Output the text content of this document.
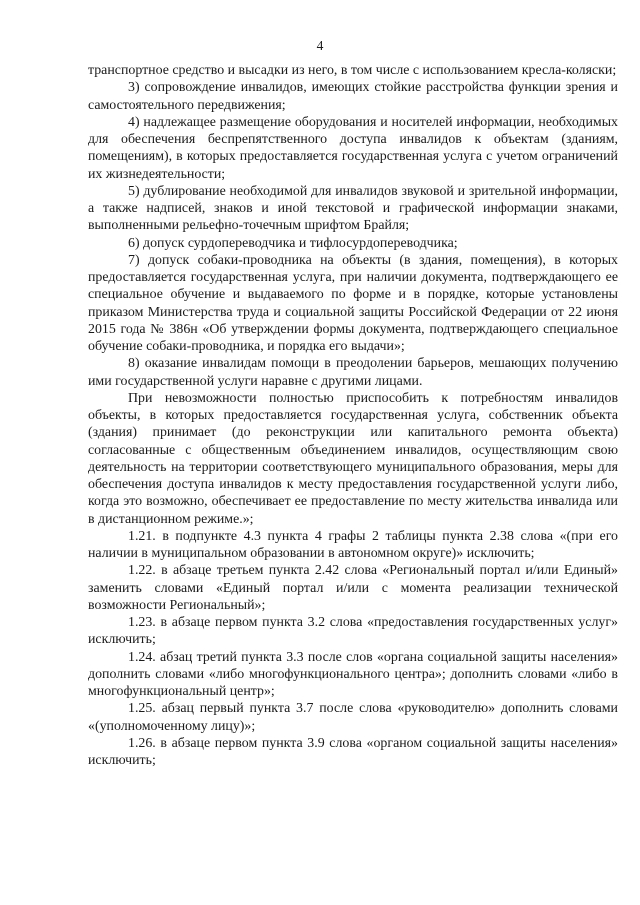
4

транспортное средство и высадки из него, в том числе с использованием кресла-коляски;

3) сопровождение инвалидов, имеющих стойкие расстройства функции зрения и самостоятельного передвижения;

4) надлежащее размещение оборудования и носителей информации, необходимых для обеспечения беспрепятственного доступа инвалидов к объектам (зданиям, помещениям), в которых предоставляется государственная услуга с учетом ограничений их жизнедеятельности;

5) дублирование необходимой для инвалидов звуковой и зрительной информации, а также надписей, знаков и иной текстовой и графической информации знаками, выполненными рельефно-точечным шрифтом Брайля;

6) допуск сурдопереводчика и тифлосурдопереводчика;

7) допуск собаки-проводника на объекты (в здания, помещения), в которых предоставляется государственная услуга, при наличии документа, подтверждающего ее специальное обучение и выдаваемого по форме и в порядке, которые установлены приказом Министерства труда и социальной защиты Российской Федерации от 22 июня 2015 года № 386н «Об утверждении формы документа, подтверждающего специальное обучение собаки-проводника, и порядка его выдачи»;

8) оказание инвалидам помощи в преодолении барьеров, мешающих получению ими государственной услуги наравне с другими лицами.

При невозможности полностью приспособить к потребностям инвалидов объекты, в которых предоставляется государственная услуга, собственник объекта (здания) принимает (до реконструкции или капитального ремонта объекта) согласованные с общественным объединением инвалидов, осуществляющим свою деятельность на территории соответствующего муниципального образования, меры для обеспечения доступа инвалидов к месту предоставления государственной услуги либо, когда это возможно, обеспечивает ее предоставление по месту жительства инвалида или в дистанционном режиме.»;

1.21. в подпункте 4.3 пункта 4 графы 2 таблицы пункта 2.38 слова «(при его наличии в муниципальном образовании в автономном округе)» исключить;

1.22. в абзаце третьем пункта 2.42 слова «Региональный портал и/или Единый» заменить словами «Единый портал и/или с момента реализации технической возможности Региональный»;

1.23. в абзаце первом пункта 3.2 слова «предоставления государственных услуг» исключить;

1.24. абзац третий пункта 3.3 после слов «органа социальной защиты населения» дополнить словами «либо многофункционального центра»; дополнить словами «либо в многофункциональный центр»;

1.25. абзац первый пункта 3.7 после слова «руководителю» дополнить словами «(уполномоченному лицу)»;

1.26. в абзаце первом пункта 3.9 слова «органом социальной защиты населения» исключить;
